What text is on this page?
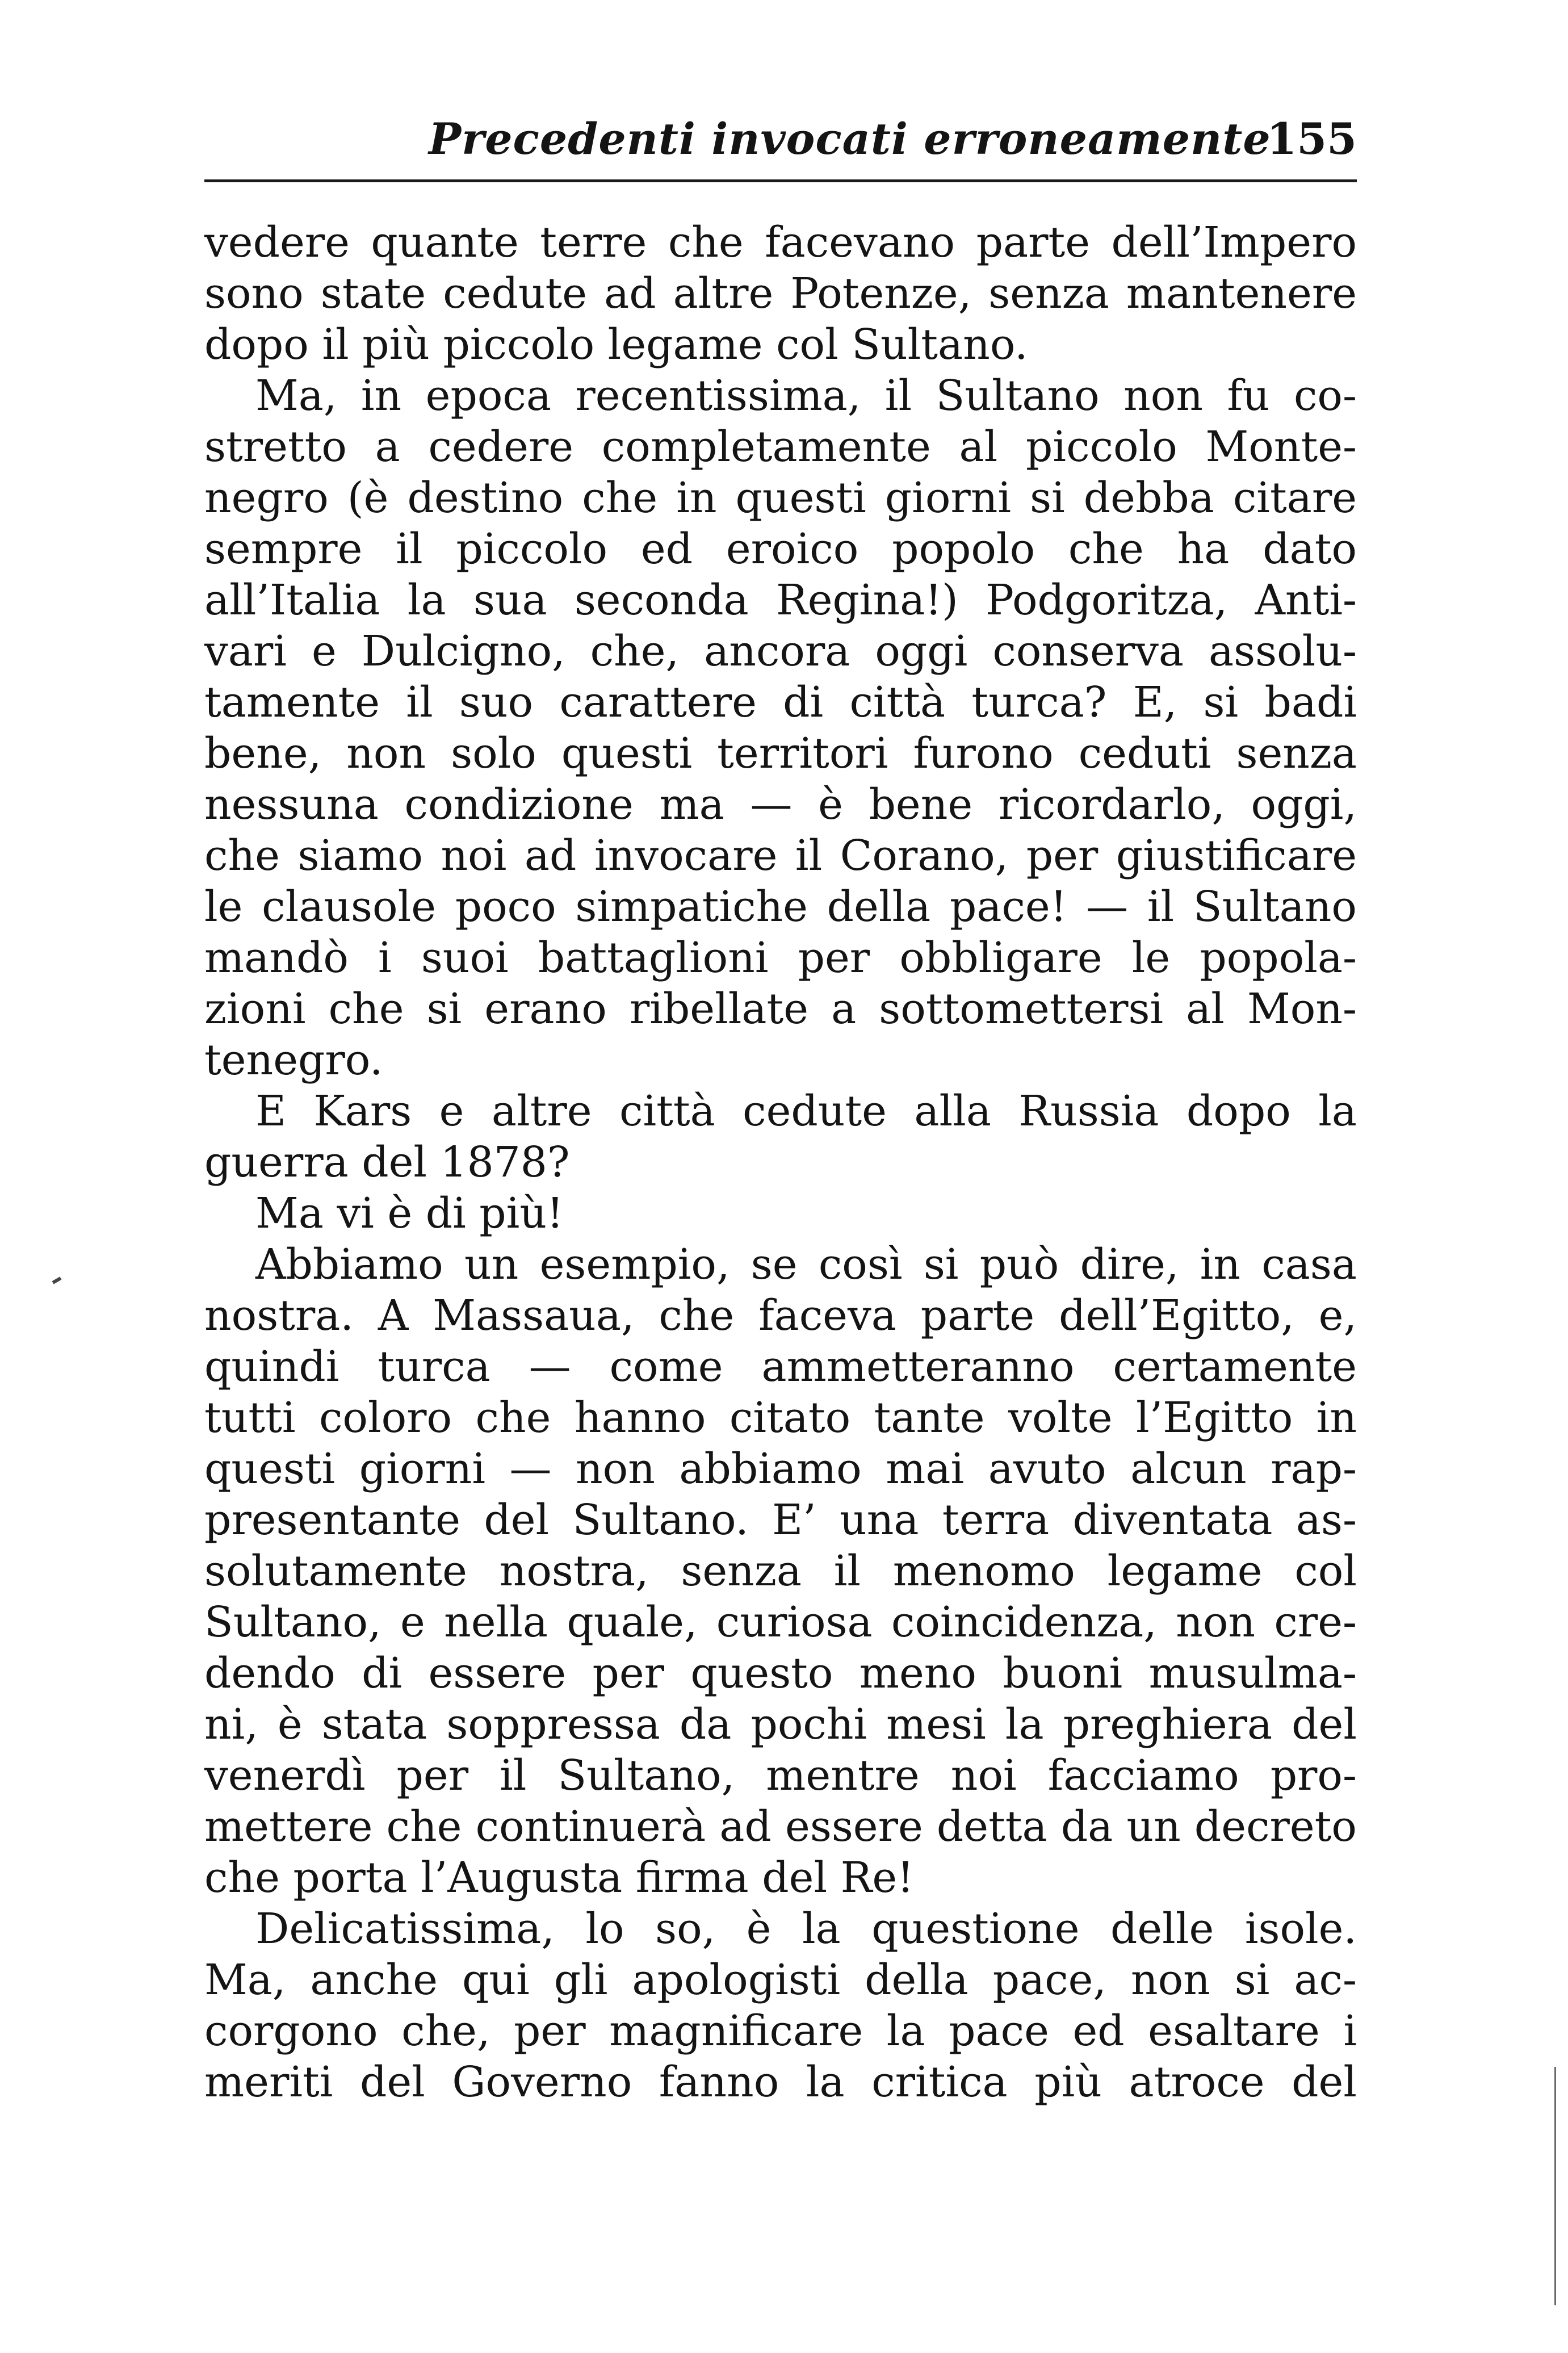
Precedenti invocati erroneamente
155
vedere quante terre che facevano parte dell’Impero
sono state cedute ad altre Potenze, senza mantenere
dopo il più piccolo legame col Sultano.
Ma, in epoca recentissima, il Sultano non fu co-
stretto a cedere completamente al piccolo Monte-
negro (è destino che in questi giorni si debba citare
sempre il piccolo ed eroico popolo che ha dato
all’Italia la sua seconda Regina!) Podgoritza, Anti-
vari e Dulcigno, che, ancora oggi conserva assolu-
tamente il suo carattere di città turca? E, si badi
bene, non solo questi territori furono ceduti senza
nessuna condizione ma — è bene ricordarlo, oggi,
che siamo noi ad invocare il Corano, per giustificare
le clausole poco simpatiche della pace! — il Sultano
mandò i suoi battaglioni per obbligare le popola-
zioni che si erano ribellate a sottomettersi al Mon-
tenegro.
E Kars e altre città cedute alla Russia dopo la
guerra del 1878?
Ma vi è di più!
Abbiamo un esempio, se così si può dire, in casa
nostra. A Massaua, che faceva parte dell’Egitto, e,
quindi turca — come ammetteranno certamente
tutti coloro che hanno citato tante volte l’Egitto in
questi giorni — non abbiamo mai avuto alcun rap-
presentante del Sultano. E’ una terra diventata as-
solutamente nostra, senza il menomo legame col
Sultano, e nella quale, curiosa coincidenza, non cre-
dendo di essere per questo meno buoni musulma-
ni, è stata soppressa da pochi mesi la preghiera del
venerdì per il Sultano, mentre noi facciamo pro-
mettere che continuerà ad essere detta da un decreto
che porta l’Augusta firma del Re!
Delicatissima, lo so, è la questione delle isole.
Ma, anche qui gli apologisti della pace, non si ac-
corgono che, per magnificare la pace ed esaltare i
meriti del Governo fanno la critica più atroce del
